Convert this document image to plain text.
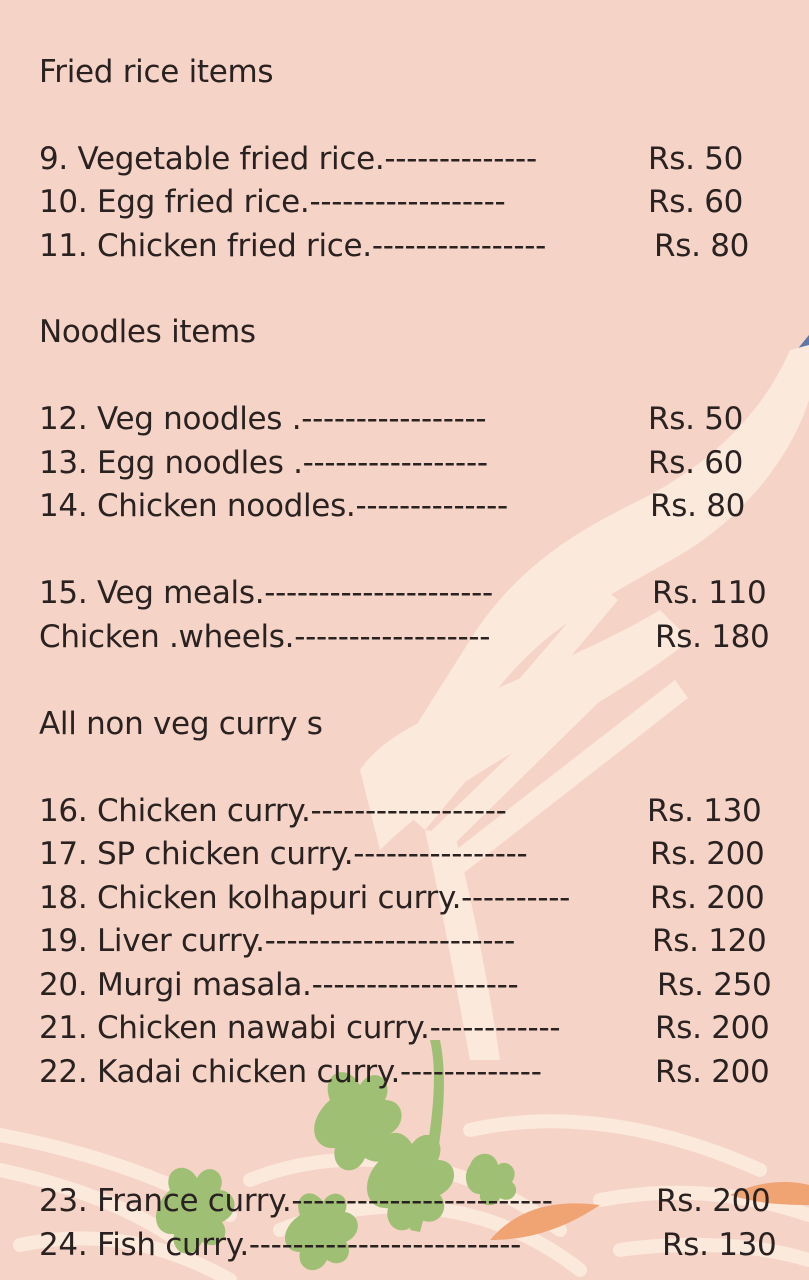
Fried rice items
9. Vegetable fried rice.--------------	Rs. 50
10. Egg fried rice.------------------	Rs. 60
11. Chicken fried rice.----------------	Rs. 80
Noodles items
12. Veg noodles .-----------------	Rs. 50
13. Egg noodles .-----------------	Rs. 60
14. Chicken noodles.--------------	Rs. 80
15. Veg meals.---------------------	Rs. 110
Chicken .wheels.------------------	Rs. 180
All non veg curry s
16. Chicken curry.------------------	Rs. 130
17. SP chicken curry.----------------	Rs. 200
18. Chicken kolhapuri curry.----------	Rs. 200
19. Liver curry.-----------------------	Rs. 120
20. Murgi masala.-------------------	Rs. 250
21. Chicken nawabi curry.------------	Rs. 200
22. Kadai chicken curry.-------------	Rs. 200
23. France curry.------------------------	Rs. 200
24. Fish curry.-------------------------	Rs. 130
